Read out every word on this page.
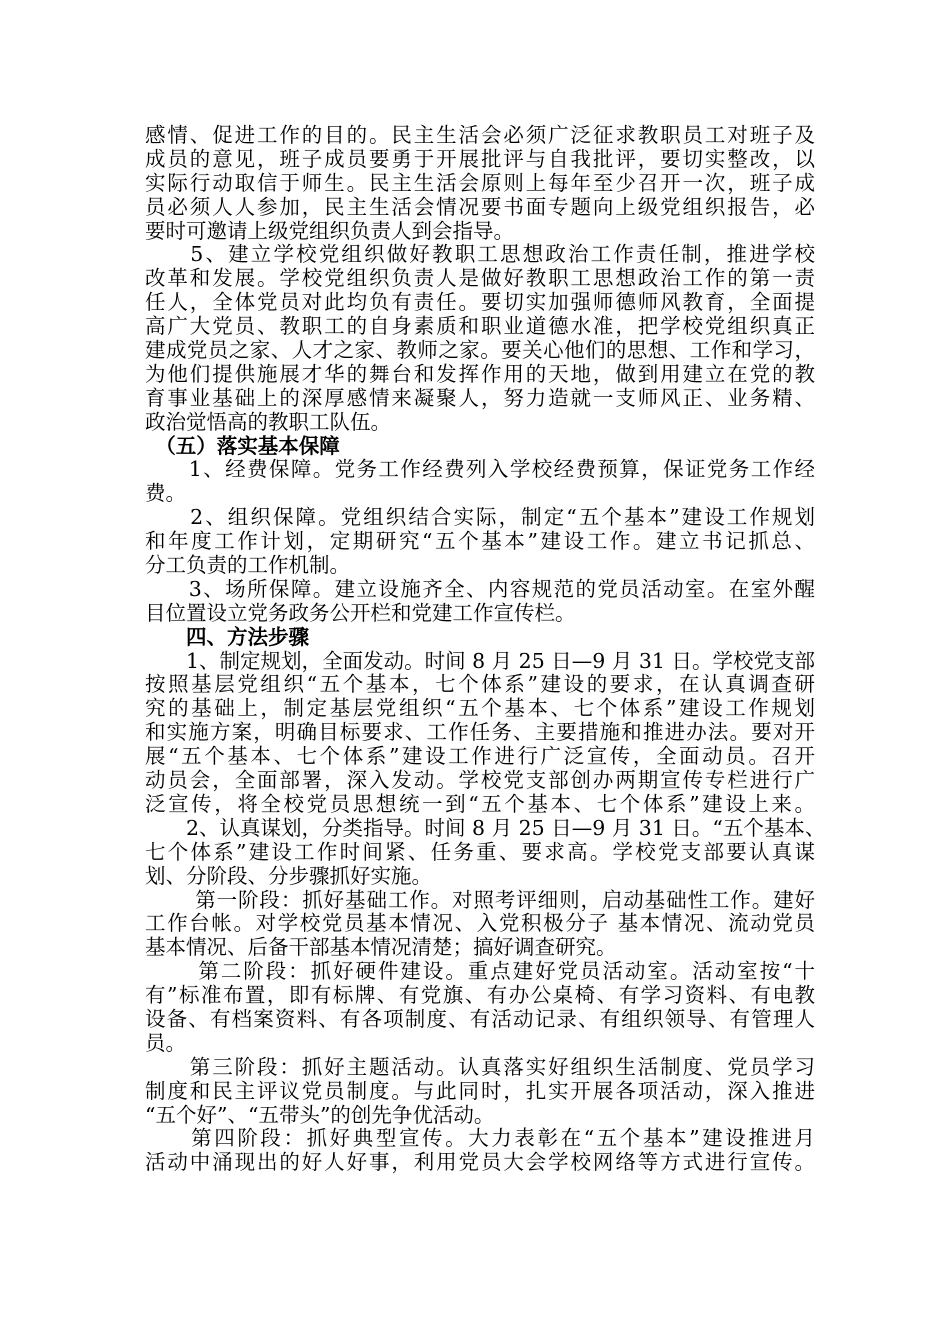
感情、促进工作的目的。民主生活会必须广泛征求教职员工对班子及
成员的意见，班子成员要勇于开展批评与自我批评，要切实整改，以
实际行动取信于师生。民主生活会原则上每年至少召开一次，班子成
员必须人人参加，民主生活会情况要书面专题向上级党组织报告，必
要时可邀请上级党组织负责人到会指导。
　　5、建立学校党组织做好教职工思想政治工作责任制，推进学校
改革和发展。学校党组织负责人是做好教职工思想政治工作的第一责
任人，全体党员对此均负有责任。要切实加强师德师风教育，全面提
高广大党员、教职工的自身素质和职业道德水准，把学校党组织真正
建成党员之家、人才之家、教师之家。要关心他们的思想、工作和学习，
为他们提供施展才华的舞台和发挥作用的天地，做到用建立在党的教
育事业基础上的深厚感情来凝聚人，努力造就一支师风正、业务精、
政治觉悟高的教职工队伍。
　（五）落实基本保障
　　1、经费保障。党务工作经费列入学校经费预算，保证党务工作经
费。
　　2、组织保障。党组织结合实际，制定“五个基本”建设工作规划
和年度工作计划，定期研究“五个基本”建设工作。建立书记抓总、
分工负责的工作机制。
　　3、场所保障。建立设施齐全、内容规范的党员活动室。在室外醒
目位置设立党务政务公开栏和党建工作宣传栏。
　　四、方法步骤
　　1、制定规划，全面发动。时间 8 月 25 日—9 月 31 日。学校党支部
按照基层党组织“五个基本，七个体系”建设的要求，在认真调查研
究的基础上，制定基层党组织“五个基本、七个体系”建设工作规划
和实施方案，明确目标要求、工作任务、主要措施和推进办法。要对开
展“五个基本、七个体系”建设工作进行广泛宣传，全面动员。召开
动员会，全面部署，深入发动。学校党支部创办两期宣传专栏进行广
泛宣传，将全校党员思想统一到“五个基本、七个体系”建设上来。
　　2、认真谋划，分类指导。时间 8 月 25 日—9 月 31 日。“五个基本、
七个体系”建设工作时间紧、任务重、要求高。学校党支部要认真谋
划、分阶段、分步骤抓好实施。
　　 第一阶段：抓好基础工作。对照考评细则，启动基础性工作。建好
工作台帐。对学校党员基本情况、入党积极分子 基本情况、流动党员
基本情况、后备干部基本情况清楚；搞好调查研究。
　　 第二阶段：抓好硬件建设。重点建好党员活动室。活动室按“十
有”标准布置，即有标牌、有党旗、有办公桌椅、有学习资料、有电教
设备、有档案资料、有各项制度、有活动记录、有组织领导、有管理人
员。
　　第三阶段：抓好主题活动。认真落实好组织生活制度、党员学习
制度和民主评议党员制度。与此同时，扎实开展各项活动，深入推进
“五个好”、“五带头”的创先争优活动。
　　第四阶段：抓好典型宣传。大力表彰在“五个基本”建设推进月
活动中涌现出的好人好事，利用党员大会学校网络等方式进行宣传。
